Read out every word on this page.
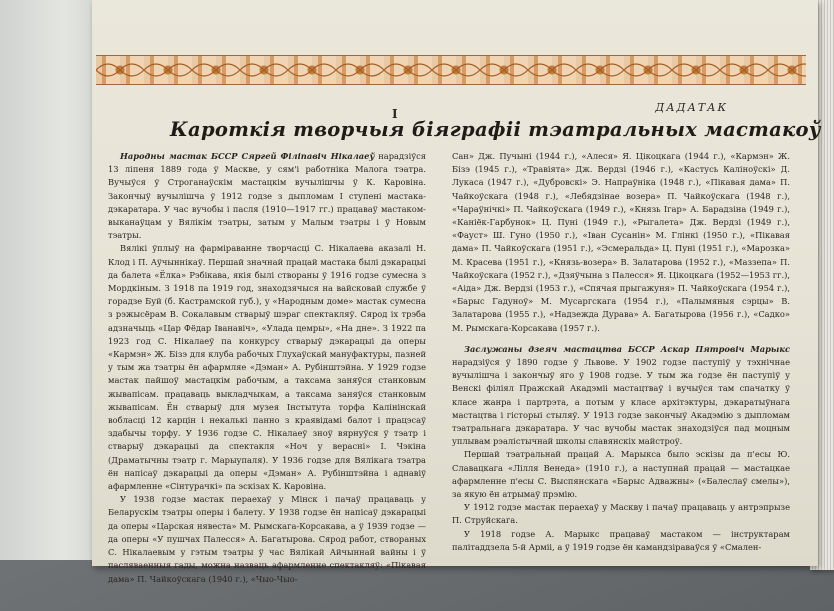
I	ДАДАТАК
Кароткія творчыя біяграфіі тэатральных мастакоў

Народны мастак БССР Сяргей Філіпавіч Нікалаеў нарадзіўся 13 ліпеня 1889 года ў Маскве, у сям'і работніка Малога тэатра. Вучыўся ў Строганаўскім мастацкім вучылішчы ў К. Каровіна. Закончыў вучылішча ў 1912 годзе з дыпломам I ступені мастака-дэкаратара. У час вучобы і пасля (1910—1917 гг.) працаваў мастаком-выканаўцам у Вялікім тэатры, затым у Малым тэатры і ў Новым тэатры.

Вялікі ўплыў на фарміраванне творчасці С. Нікалаева аказалі Н. Клод і П. Аўчыннікаў. Першай значнай працай мастака былі дэкарацыі да балета «Ёлка» Рэбікава, якія былі створаны ў 1916 годзе сумесна з Мордкіным. З 1918 па 1919 год, знаходзячыся на вайсковай службе ў горадзе Буй (б. Кастрамской губ.), у «Народным доме» мастак сумесна з рэжысёрам В. Сокалавым стварыў шэраг спектакляў. Сярод іх трэба адзначыць «Цар Фёдар Іванавіч», «Улада цемры», «На дне». З 1922 па 1923 год С. Нікалаеў па конкурсу стварыў дэкарацыі да оперы «Кармэн» Ж. Бізэ для клуба рабочых Глухаўскай мануфактуры, пазней у тым жа тэатры ён афармляе «Дэман» А. Рубінштэйна. У 1929 годзе мастак пайшоў мастацкім рабочым, а таксама заняўся станковым жывапісам. працаваць выкладчыкам, а таксама заняўся станковым жывапісам. Ён стварыў для музея Інстытута торфа Калінінскай вобласці 12 карцін і некалькі панно з краявідамі балот і працэсаў здабычы торфу. У 1936 годзе С. Нікалаеў зноў вярнуўся ў тэатр і стварыў дэкарацыі да спектакля «Ноч у верасні» І. Чэкіна (Драматычны тэатр г. Марыупаля). У 1936 годзе для Вялікага тэатра ён напісаў дэкарацыі да оперы «Дэман» А. Рубінштэйна і аднавіў афармленне «Сінтурачкі» па эскізах К. Каровіна.

У 1938 годзе мастак пераехаў у Мінск і пачаў працаваць у Беларускім тэатры оперы і балету. У 1938 годзе ён напісаў дэкарацыі да оперы «Царская нявеста» М. Рымскага-Корсакава, а ў 1939 годзе — да оперы «У пушчах Палесся» А. Багатырова. Сярод работ, створаных С. Нікалаевым у гэтым тэатры ў час Вялікай Айчыннай вайны і ў пасляваенныя гады, можна назваць афармленне спектакляў: «Пікавая дама» П. Чайкоўскага (1940 г.), «Чыо-Чыо-

Сан» Дж. Пучыні (1944 г.), «Алеся» Я. Цікоцкага (1944 г.), «Кармэн» Ж. Бізэ (1945 г.), «Травіята» Дж. Вердзі (1946 г.), «Кастусь Каліноўскі» Д. Лукаса (1947 г.), «Дубровскі» Э. Напраўніка (1948 г.), «Пікавая дама» П. Чайкоўскага (1948 г.), «Лебядзінае возера» П. Чайкоўскага (1948 г.), «Чараўнічкі» П. Чайкоўскага (1949 г.), «Князь Ігар» А. Барадзіна (1949 г.), «Каніёк-Гарбунок» Ц. Пуні (1949 г.), «Рыгалета» Дж. Вердзі (1949 г.), «Фауст» Ш. Гуно (1950 г.), «Іван Сусанін» М. Глінкі (1950 г.), «Пікавая дама» П. Чайкоўскага (1951 г.), «Эсмеральда» Ц. Пуні (1951 г.), «Марозка» М. Красева (1951 г.), «Князь-возера» В. Залатарова (1952 г.), «Маззепа» П. Чайкоўскага (1952 г.), «Дзяўчына з Палесся» Я. Цікоцкага (1952—1953 гг.), «Аіда» Дж. Вердзі (1953 г.), «Спячая прыгажуня» П. Чайкоўскага (1954 г.), «Барыс Гадуноў» М. Мусаргскага (1954 г.), «Палымяныя сэрцы» В. Залатарова (1955 г.), «Надзежда Дурава» А. Багатырова (1956 г.), «Садко» М. Рымскага-Корсакава (1957 г.).

Заслужаны дзеяч мастацтва БССР Аскар Пятровіч Марыкс нарадзіўся ў 1890 годзе ў Львове. У 1902 годзе паступіў у тэхнічнае вучылішча і закончыў яго ў 1908 годзе. У тым жа годзе ён паступіў у Венскі філіял Пражскай Акадэміі мастацтваў і вучыўся там спачатку ў класе жанра і партрэта, а потым у класе архітэктуры, дэкаратыўнага мастацтва і гісторыі стыляў. У 1913 годзе закончыў Акадэмію з дыпломам тэатральнага дэкаратара. У час вучобы мастак знаходзіўся пад моцным уплывам рэалістычнай школы славянскіх майстроў.

Першай тэатральнай працай А. Марыкса было эскізы да п'есы Ю. Славацкага «Лілля Венеда» (1910 г.), а наступнай працай — мастацкае афармленне п'есы С. Выспянскага «Барыс Адважны» («Балеслаў смелы»), за якую ён атрымаў прэмію.

У 1912 годзе мастак пераехаў у Маскву і пачаў працаваць у антрэпрызе П. Струйскага.

У 1918 годзе А. Марыкс працаваў мастаком — інструктарам палітаддзела 5-й Арміі, а ў 1919 годзе ён камандзіраваўся ў «Смален-
